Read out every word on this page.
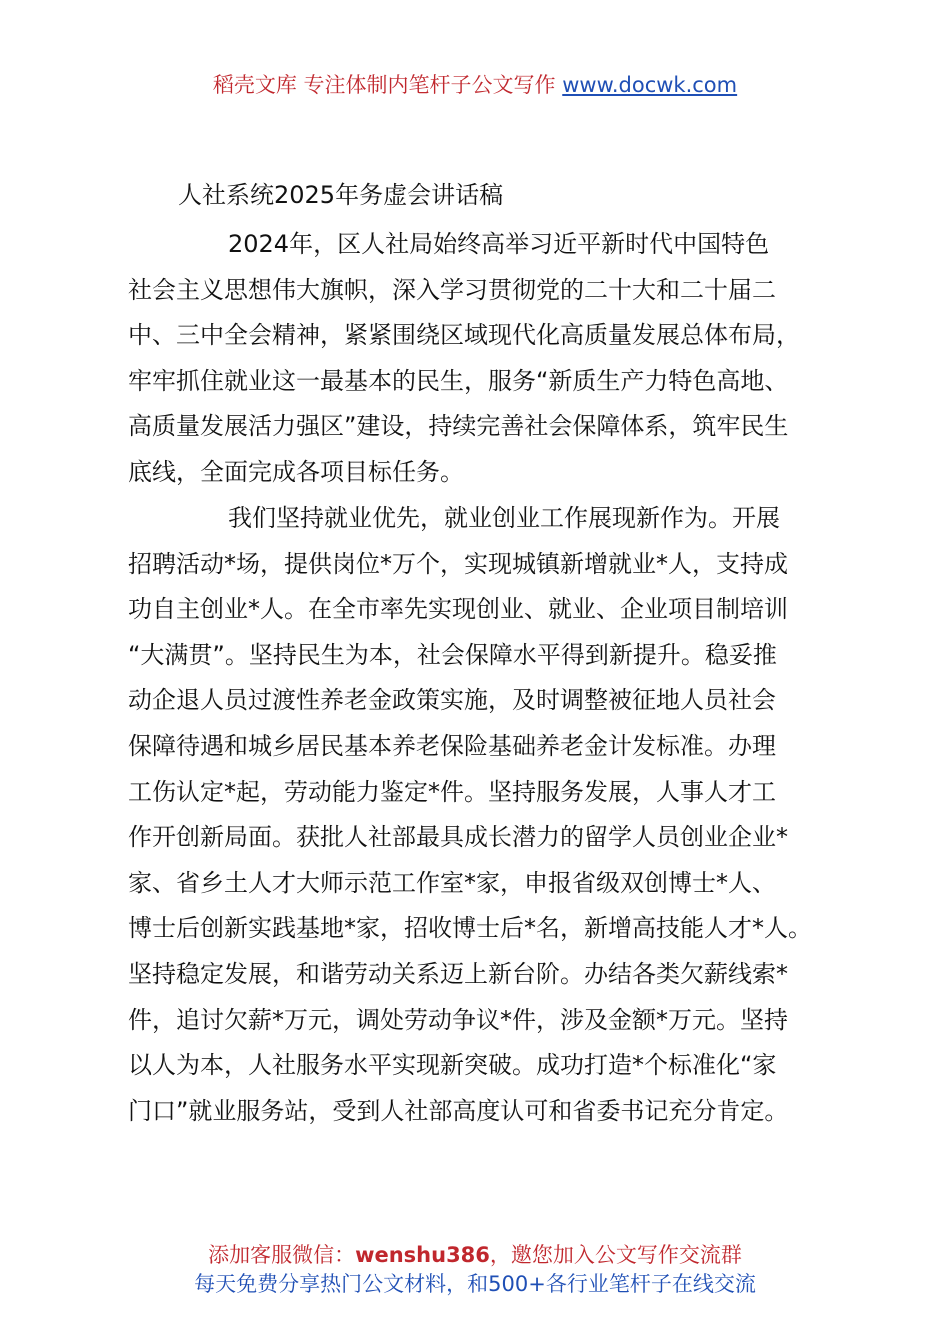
稻壳文库 专注体制内笔杆子公文写作 www.docwk.com
人社系统2025年务虚会讲话稿
2024年，区人社局始终高举习近平新时代中国特色
社会主义思想伟大旗帜，深入学习贯彻党的二十大和二十届二
中、三中全会精神，紧紧围绕区域现代化高质量发展总体布局，
牢牢抓住就业这一最基本的民生，服务“新质生产力特色高地、
高质量发展活力强区”建设，持续完善社会保障体系，筑牢民生
底线，全面完成各项目标任务。
我们坚持就业优先，就业创业工作展现新作为。开展
招聘活动*场，提供岗位*万个，实现城镇新增就业*人，支持成
功自主创业*人。在全市率先实现创业、就业、企业项目制培训
“大满贯”。坚持民生为本，社会保障水平得到新提升。稳妥推
动企退人员过渡性养老金政策实施，及时调整被征地人员社会
保障待遇和城乡居民基本养老保险基础养老金计发标准。办理
工伤认定*起，劳动能力鉴定*件。坚持服务发展，人事人才工
作开创新局面。获批人社部最具成长潜力的留学人员创业企业*
家、省乡土人才大师示范工作室*家，申报省级双创博士*人、
博士后创新实践基地*家，招收博士后*名，新增高技能人才*人。
坚持稳定发展，和谐劳动关系迈上新台阶。办结各类欠薪线索*
件，追讨欠薪*万元，调处劳动争议*件，涉及金额*万元。坚持
以人为本，人社服务水平实现新突破。成功打造*个标准化“家
门口”就业服务站，受到人社部高度认可和省委书记充分肯定。
添加客服微信：wenshu386，邀您加入公文写作交流群
每天免费分享热门公文材料，和500+各行业笔杆子在线交流
